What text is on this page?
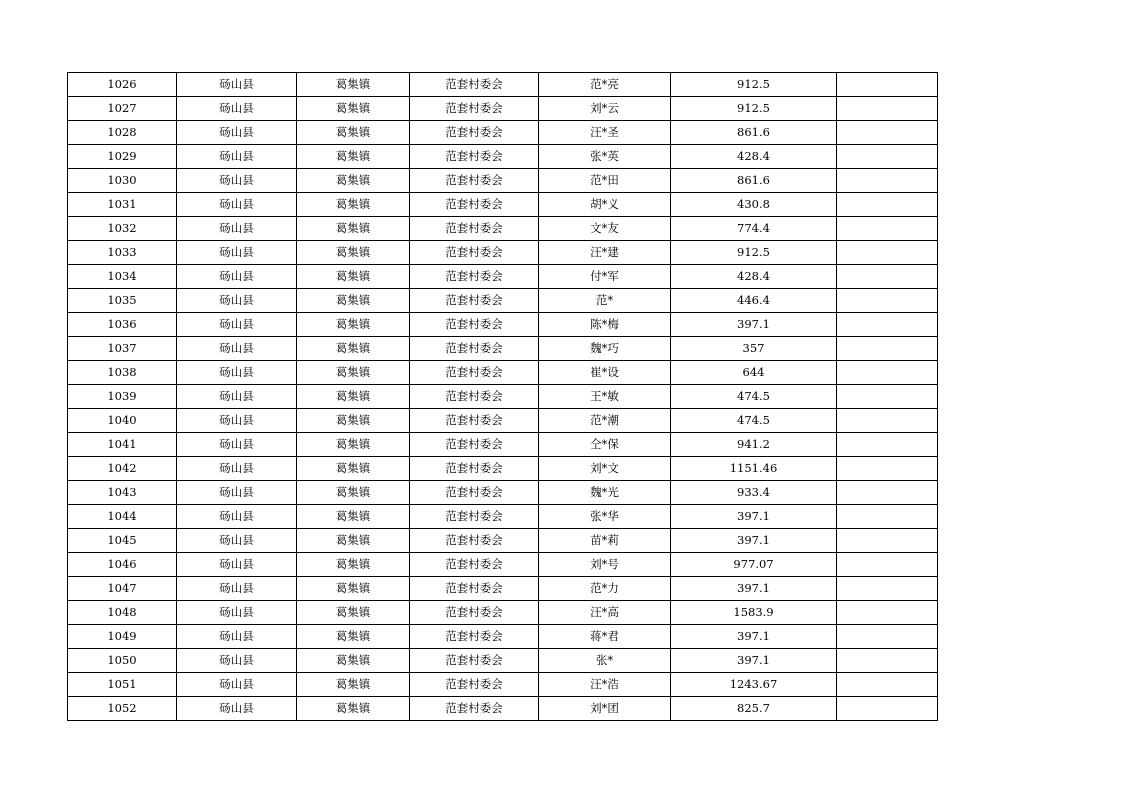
1026	砀山县	葛集镇	范套村委会	范*亮	912.5	
1027	砀山县	葛集镇	范套村委会	刘*云	912.5	
1028	砀山县	葛集镇	范套村委会	汪*圣	861.6	
1029	砀山县	葛集镇	范套村委会	张*英	428.4	
1030	砀山县	葛集镇	范套村委会	范*田	861.6	
1031	砀山县	葛集镇	范套村委会	胡*义	430.8	
1032	砀山县	葛集镇	范套村委会	文*友	774.4	
1033	砀山县	葛集镇	范套村委会	汪*建	912.5	
1034	砀山县	葛集镇	范套村委会	付*军	428.4	
1035	砀山县	葛集镇	范套村委会	范*	446.4	
1036	砀山县	葛集镇	范套村委会	陈*梅	397.1	
1037	砀山县	葛集镇	范套村委会	魏*巧	357	
1038	砀山县	葛集镇	范套村委会	崔*设	644	
1039	砀山县	葛集镇	范套村委会	王*敏	474.5	
1040	砀山县	葛集镇	范套村委会	范*潮	474.5	
1041	砀山县	葛集镇	范套村委会	仝*保	941.2	
1042	砀山县	葛集镇	范套村委会	刘*文	1151.46	
1043	砀山县	葛集镇	范套村委会	魏*光	933.4	
1044	砀山县	葛集镇	范套村委会	张*华	397.1	
1045	砀山县	葛集镇	范套村委会	苗*莉	397.1	
1046	砀山县	葛集镇	范套村委会	刘*号	977.07	
1047	砀山县	葛集镇	范套村委会	范*力	397.1	
1048	砀山县	葛集镇	范套村委会	汪*高	1583.9	
1049	砀山县	葛集镇	范套村委会	蒋*君	397.1	
1050	砀山县	葛集镇	范套村委会	张*	397.1	
1051	砀山县	葛集镇	范套村委会	汪*浩	1243.67	
1052	砀山县	葛集镇	范套村委会	刘*团	825.7	
